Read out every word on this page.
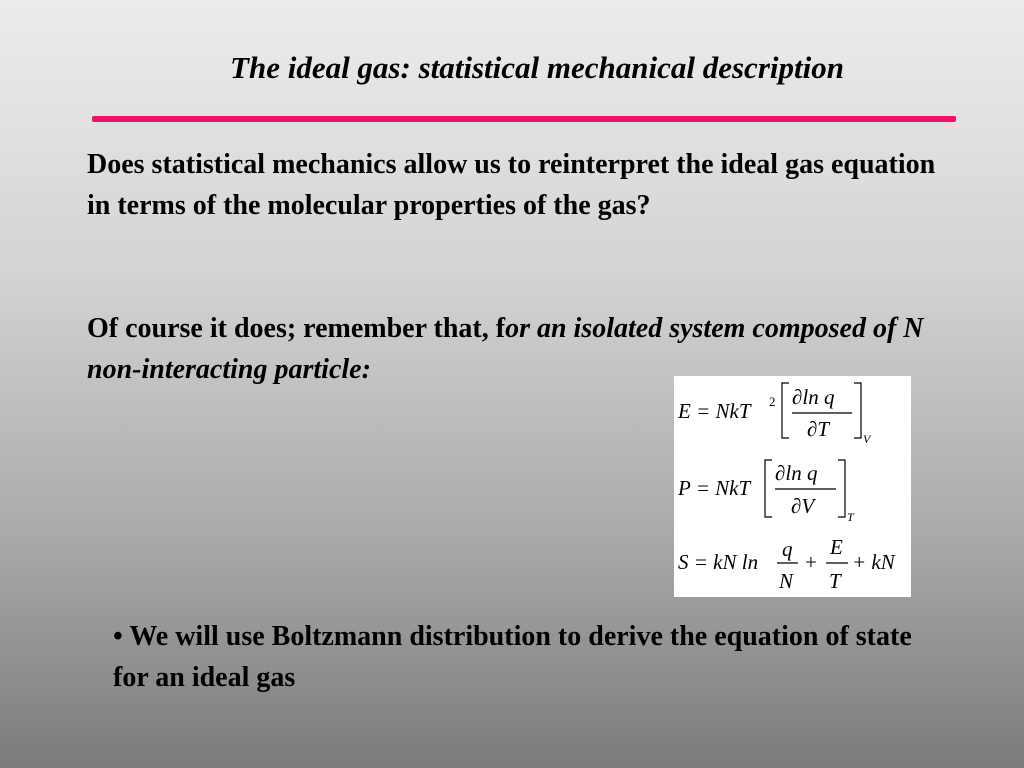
The ideal gas: statistical mechanical description
Does statistical mechanics allow us to reinterpret the ideal gas equation in terms of the molecular properties of the gas?
Of course it does; remember that, for an isolated system composed of N non-interacting particle:
E = NkT 2 ∂ln q
∂T	V
P = NkT
∂ln q
∂V	T
S = kN ln
q
N
+
E
T
+ kN
• We will use Boltzmann distribution to derive the equation of state for an ideal gas
